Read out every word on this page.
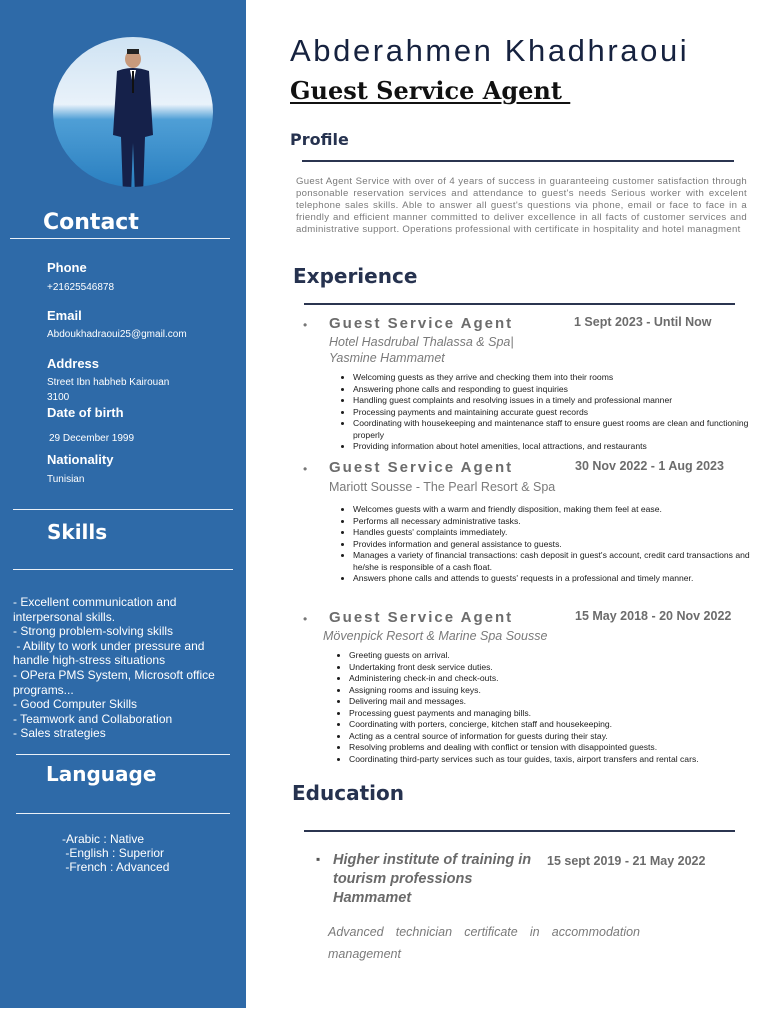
Contact

Phone

+21625546878

Email

Abdoukhadraoui25@gmail.com

Address

Street Ibn habheb Kairouan

3100

Date of birth

29 December 1999

Nationality

Tunisian

Skills
- Excellent communication and interpersonal skills.
- Strong problem-solving skills
- Ability to work under pressure and handle high-stress situations
- OPera PMS System, Microsoft office programs...
- Good Computer Skills
- Teamwork and Collaboration
- Sales strategies
Language
-Arabic : Native
-English : Superior
-French : Advanced
Abderahmen Khadhraoui
Guest Service Agent
Profile

Guest Agent Service with over of 4 years of success in guaranteeing customer satisfaction through ponsonable reservation services and attendance to guest's needs Serious worker with excelent telephone sales skills. Able to answer all guest's questions via phone, email or face to face in a friendly and efficient manner committed to deliver excellence in all facts of customer services and administrative support. Operations professional with certificate in hospitality and hotel managment

Experience
• Guest Service Agent	1 Sept 2023 - Until Now

Hotel Hasdrubal Thalassa & Spa|

Yasmine Hammamet

• Welcoming guests as they arrive and checking them into their rooms
• Answering phone calls and responding to guest inquiries
• Handling guest complaints and resolving issues in a timely and professional manner
• Processing payments and maintaining accurate guest records
• Coordinating with housekeeping and maintenance staff to ensure guest rooms are clean and functioning properly
• Providing information about hotel amenities, local attractions, and restaurants
• Guest Service Agent	30 Nov 2022 - 1 Aug 2023

Mariott Sousse - The Pearl Resort & Spa

• Welcomes guests with a warm and friendly disposition, making them feel at ease.
• Performs all necessary administrative tasks.
• Handles guests' complaints immediately.
• Provides information and general assistance to guests.
• Manages a variety of financial transactions: cash deposit in guest's account, credit card transactions and he/she is responsible of a cash float.
• Answers phone calls and attends to guests' requests in a professional and timely manner.
• Guest Service Agent	15 May 2018 - 20 Nov 2022

Mövenpick Resort & Marine Spa Sousse

• Greeting guests on arrival.
• Undertaking front desk service duties.
• Administering check-in and check-outs.
• Assigning rooms and issuing keys.
• Delivering mail and messages.
• Processing guest payments and managing bills.
• Coordinating with porters, concierge, kitchen staff and housekeeping.
• Acting as a central source of information for guests during their stay.
• Resolving problems and dealing with conflict or tension with disappointed guests.
• Coordinating third-party services such as tour guides, taxis, airport transfers and rental cars.
Education
▪ Higher institute of training in tourism professions Hammamet

15 sept 2019 - 21 May 2022

Advanced technician certificate in accommodation management
